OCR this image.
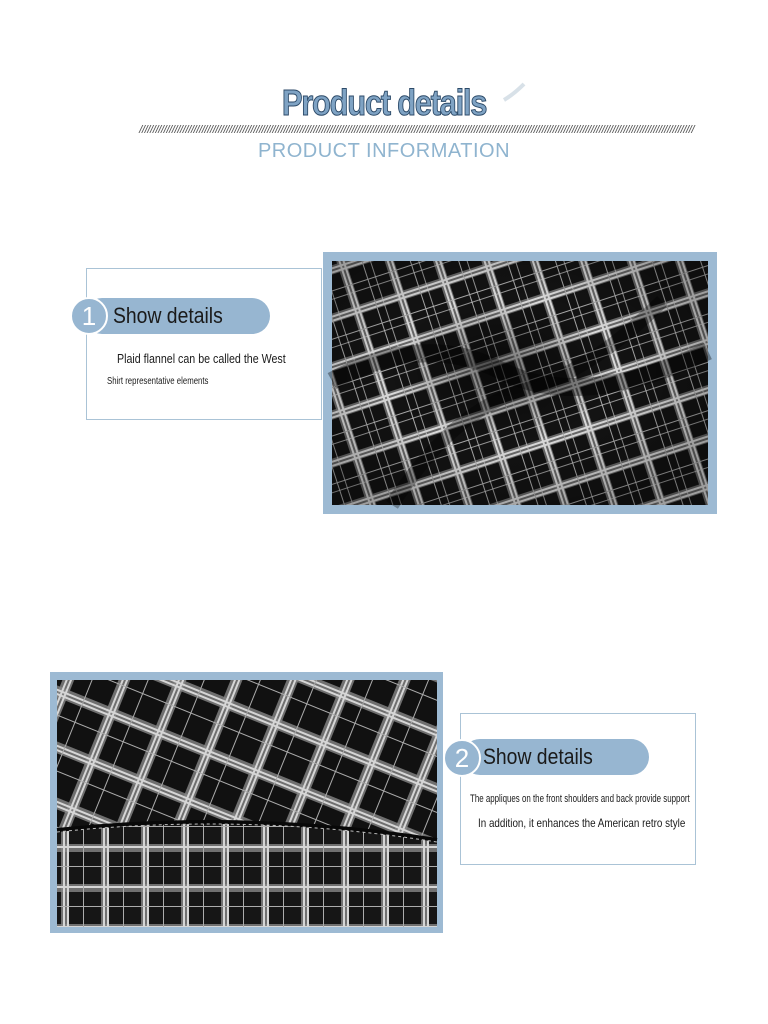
Product details
////////////////////////////////////////////////////////////////////////////////////////////////////////////////////////////////////////////////////////////////////////////////////////////////////////////
PRODUCT INFORMATION
Show details
1
Plaid flannel can be called the West
Shirt representative elements
Show details
2
The appliques on the front shoulders and back provide support
In addition, it enhances the American retro style
